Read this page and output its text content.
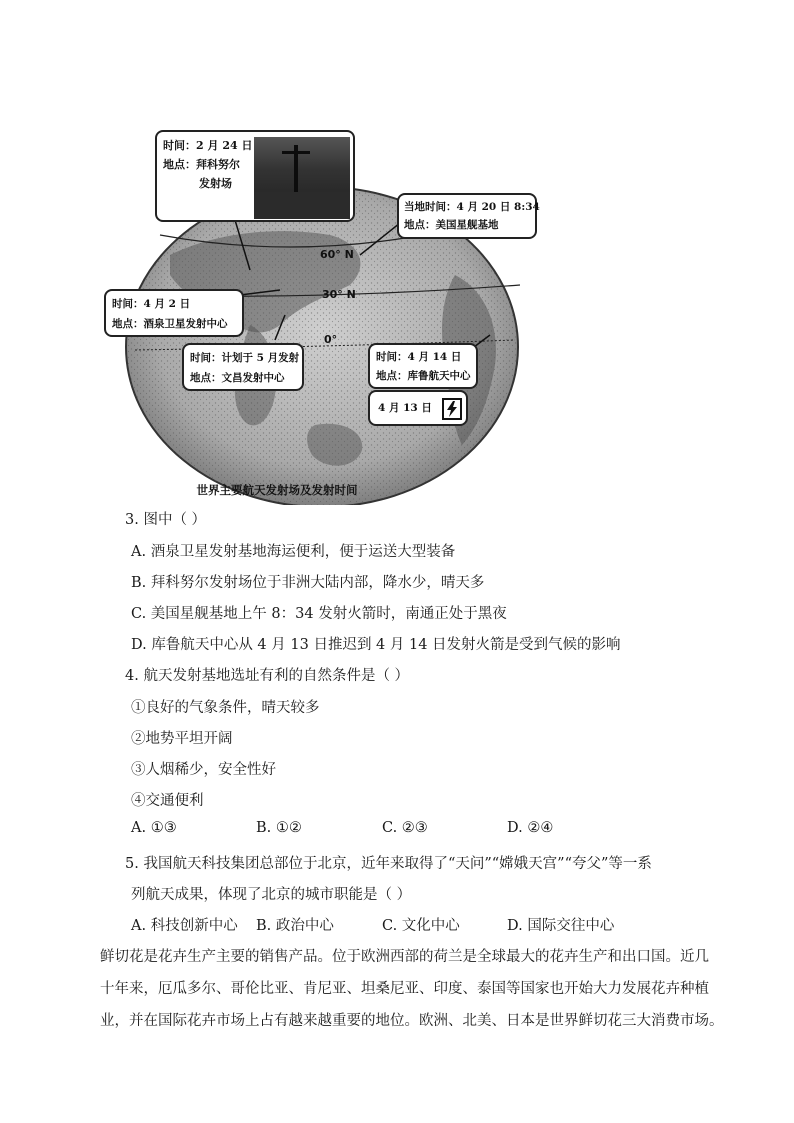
60° N
30° N
0°
时间：2 月 24 日
地点：拜科努尔
发射场
当地时间：4 月 20 日 8:34
地点：美国星舰基地
时间：4 月 2 日
地点：酒泉卫星发射中心
时间：计划于 5 月发射
地点：文昌发射中心
时间：4 月 14 日
地点：库鲁航天中心
4 月 13 日
世界主要航天发射场及发射时间
3. 图中（ ）
A. 酒泉卫星发射基地海运便利，便于运送大型装备
B. 拜科努尔发射场位于非洲大陆内部，降水少，晴天多
C. 美国星舰基地上午 8：34 发射火箭时，南通正处于黑夜
D. 库鲁航天中心从 4 月 13 日推迟到 4 月 14 日发射火箭是受到气候的影响
4. 航天发射基地选址有利的自然条件是（ ）
①良好的气象条件，晴天较多
②地势平坦开阔
③人烟稀少，安全性好
④交通便利
A. ①③	B. ①②	C. ②③	D. ②④
5. 我国航天科技集团总部位于北京，近年来取得了“天问”“嫦娥天宫”“夸父”等一系
列航天成果，体现了北京的城市职能是（ ）
A. 科技创新中心 B. 政治中心	C. 文化中心	D. 国际交往中心
鲜切花是花卉生产主要的销售产品。位于欧洲西部的荷兰是全球最大的花卉生产和出口国。近几
十年来，厄瓜多尔、哥伦比亚、肯尼亚、坦桑尼亚、印度、泰国等国家也开始大力发展花卉种植
业，并在国际花卉市场上占有越来越重要的地位。欧洲、北美、日本是世界鲜切花三大消费市场。
